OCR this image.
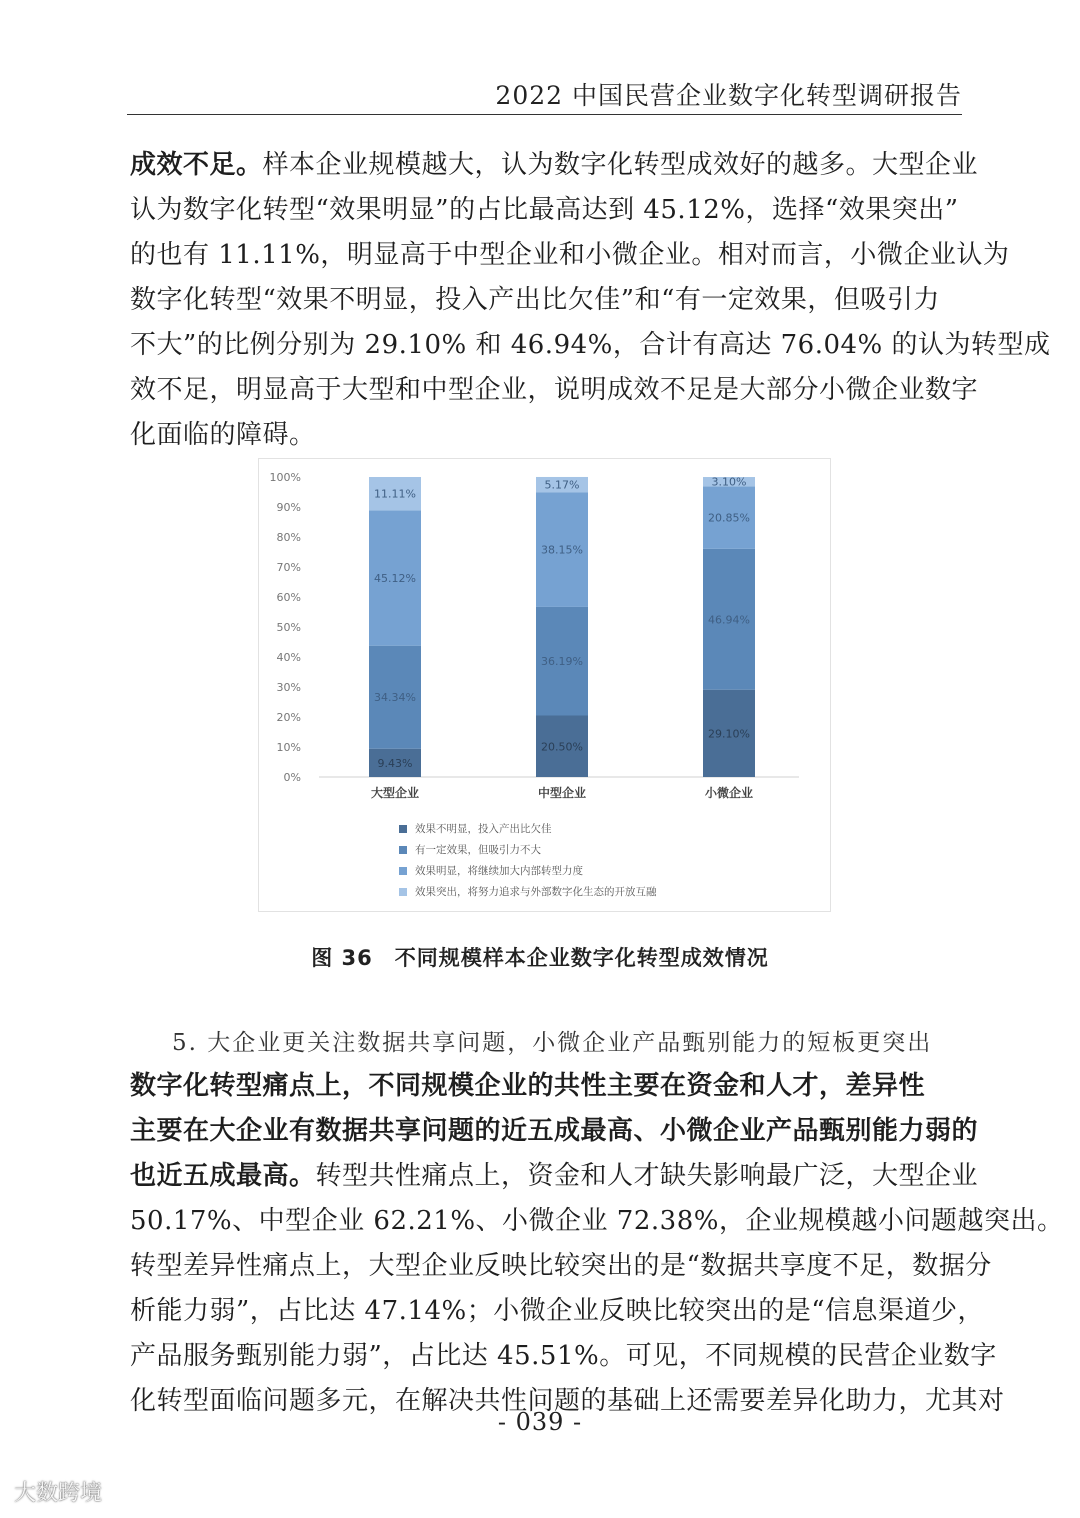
2022 中国民营企业数字化转型调研报告
成效不足。样本企业规模越大，认为数字化转型成效好的越多。大型企业
认为数字化转型“效果明显”的占比最高达到 45.12%，选择“效果突出”
的也有 11.11%，明显高于中型企业和小微企业。相对而言，小微企业认为
数字化转型“效果不明显，投入产出比欠佳”和“有一定效果，但吸引力
不大”的比例分别为 29.10% 和 46.94%，合计有高达 76.04% 的认为转型成
效不足，明显高于大型和中型企业，说明成效不足是大部分小微企业数字
化面临的障碍。
0%
10%
20%
30%
40%
50%
60%
70%
80%
90%
100%
9.43%
34.34%
45.12%
11.11%
大型企业
20.50%
36.19%
38.15%
5.17%
中型企业
29.10%
46.94%
20.85%
3.10%
小微企业
效果不明显，投入产出比欠佳
有一定效果，但吸引力不大
效果明显，将继续加大内部转型力度
效果突出，将努力追求与外部数字化生态的开放互融
图 36　不同规模样本企业数字化转型成效情况
5. 大企业更关注数据共享问题，小微企业产品甄别能力的短板更突出
数字化转型痛点上，不同规模企业的共性主要在资金和人才，差异性
主要在大企业有数据共享问题的近五成最高、小微企业产品甄别能力弱的
也近五成最高。转型共性痛点上，资金和人才缺失影响最广泛，大型企业
50.17%、中型企业 62.21%、小微企业 72.38%，企业规模越小问题越突出。
转型差异性痛点上，大型企业反映比较突出的是“数据共享度不足，数据分
析能力弱”，占比达 47.14%；小微企业反映比较突出的是“信息渠道少，
产品服务甄别能力弱”，占比达 45.51%。可见，不同规模的民营企业数字
化转型面临问题多元，在解决共性问题的基础上还需要差异化助力，尤其对
- 039 -
大数跨境
